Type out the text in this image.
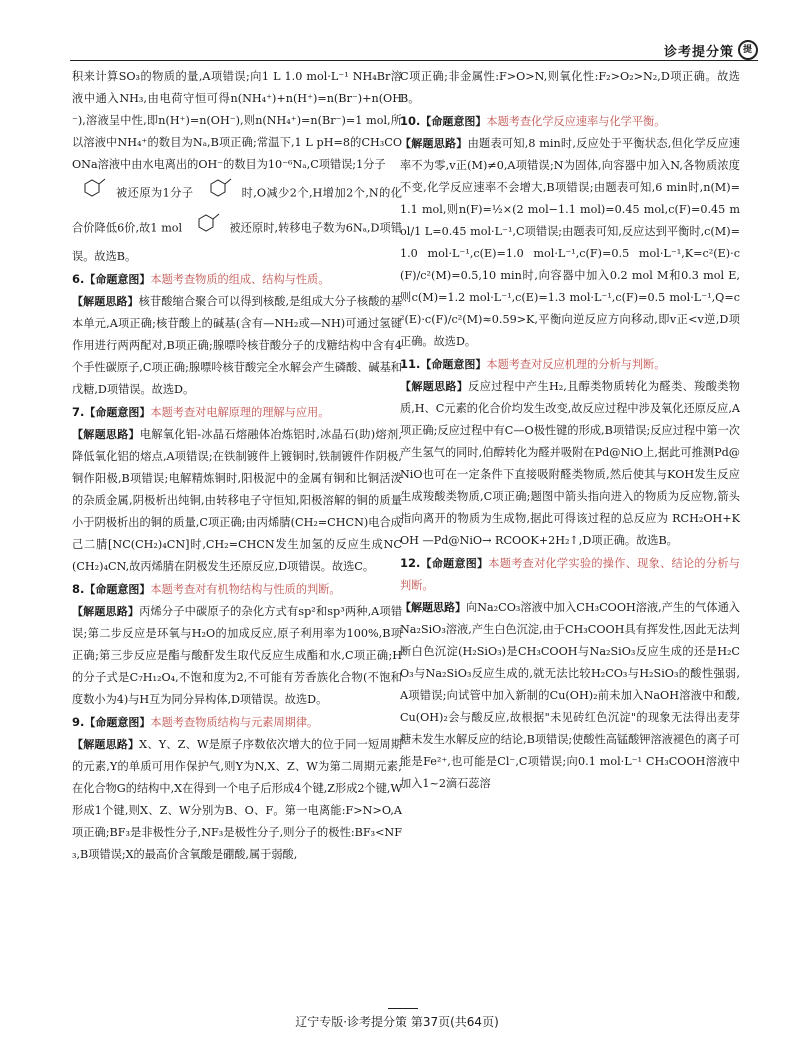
诊考提分策 提

积来计算SO₃的物质的量,A项错误;向1 L 1.0 mol·L⁻¹ NH₄Br溶液中通入NH₃,由电荷守恒可得n(NH₄⁺)+n(H⁺)=n(Br⁻)+n(OH⁻),溶液呈中性,即n(H⁺)=n(OH⁻),则n(NH₄⁺)=n(Br⁻)=1 mol,所以溶液中NH₄⁺的数目为Nₐ,B项正确;常温下,1 L pH=8的CH₃COONa溶液中由水电离出的OH⁻的数目为10⁻⁶Nₐ,C项错误;1分子

被还原为1分子	时,O减少2个,H增加2个,N的化合价降低6价,故1 mol	被还原时,转移电子数为6Nₐ,D项错误。故选B。

6.【命题意图】本题考查物质的组成、结构与性质。

【解题思路】核苷酸缩合聚合可以得到核酸,是组成大分子核酸的基本单元,A项正确;核苷酸上的碱基(含有—NH₂或—NH)可通过氢键作用进行两两配对,B项正确;腺嘌呤核苷酸分子的戊糖结构中含有4个手性碳原子,C项正确;腺嘌呤核苷酸完全水解会产生磷酸、碱基和戊糖,D项错误。故选D。

7.【命题意图】本题考查对电解原理的理解与应用。

【解题思路】电解氧化铝-冰晶石熔融体冶炼铝时,冰晶石(助)熔剂,降低氧化铝的熔点,A项错误;在铁制镀件上镀铜时,铁制镀件作阴极,铜作阳极,B项错误;电解精炼铜时,阳极泥中的金属有铜和比铜活泼的杂质金属,阴极析出纯铜,由转移电子守恒知,阳极溶解的铜的质量小于阴极析出的铜的质量,C项正确;由丙烯腈(CH₂=CHCN)电合成己二腈[NC(CH₂)₄CN]时,CH₂=CHCN发生加氢的反应生成NC(CH₂)₄CN,故丙烯腈在阴极发生还原反应,D项错误。故选C。

8.【命题意图】本题考查对有机物结构与性质的判断。

【解题思路】丙烯分子中碳原子的杂化方式有sp²和sp³两种,A项错误;第二步反应是环氧与H₂O的加成反应,原子利用率为100%,B项正确;第三步反应是酯与酸酐发生取代反应生成酯和水,C项正确;H的分子式是C₇H₁₂O₄,不饱和度为2,不可能有芳香族化合物(不饱和度数小为4)与H互为同分异构体,D项错误。故选D。

9.【命题意图】本题考查物质结构与元素周期律。

【解题思路】X、Y、Z、W是原子序数依次增大的位于同一短周期的元素,Y的单质可用作保护气,则Y为N,X、Z、W为第二周期元素;在化合物G的结构中,X在得到一个电子后形成4个键,Z形成2个键,W形成1个键,则X、Z、W分别为B、O、F。第一电离能:F>N>O,A项正确;BF₃是非极性分子,NF₃是极性分子,则分子的极性:BF₃<NF₃,B项错误;X的最高价含氧酸是硼酸,属于弱酸,

C项正确;非金属性:F>O>N,则氧化性:F₂>O₂>N₂,D项正确。故选B。

10.【命题意图】本题考查化学反应速率与化学平衡。

【解题思路】由题表可知,8 min时,反应处于平衡状态,但化学反应速率不为零,v正(M)≠0,A项错误;N为固体,向容器中加入N,各物质浓度不变,化学反应速率不会增大,B项错误;由题表可知,6 min时,n(M)=1.1 mol,则n(F)=½×(2 mol−1.1 mol)=0.45 mol,c(F)=0.45 mol/1 L=0.45 mol·L⁻¹,C项错误;由题表可知,反应达到平衡时,c(M)=1.0 mol·L⁻¹,c(E)=1.0 mol·L⁻¹,c(F)=0.5 mol·L⁻¹,K=c²(E)·c(F)/c²(M)=0.5,10 min时,向容器中加入0.2 mol M和0.3 mol E,则c(M)=1.2 mol·L⁻¹,c(E)=1.3 mol·L⁻¹,c(F)=0.5 mol·L⁻¹,Q=c²(E)·c(F)/c²(M)≈0.59>K,平衡向逆反应方向移动,即v正<v逆,D项正确。故选D。

11.【命题意图】本题考查对反应机理的分析与判断。

【解题思路】反应过程中产生H₂,且醇类物质转化为醛类、羧酸类物质,H、C元素的化合价均发生改变,故反应过程中涉及氧化还原反应,A项正确;反应过程中有C—O极性键的形成,B项错误;反应过程中第一次产生氢气的同时,伯醇转化为醛并吸附在Pd@NiO上,据此可推测Pd@NiO也可在一定条件下直接吸附醛类物质,然后使其与KOH发生反应生成羧酸类物质,C项正确;题图中箭头指向进入的物质为反应物,箭头指向离开的物质为生成物,据此可得该过程的总反应为 RCH₂OH+KOH —Pd@NiO→ RCOOK+2H₂↑,D项正确。故选B。

12.【命题意图】本题考查对化学实验的操作、现象、结论的分析与判断。

【解题思路】向Na₂CO₃溶液中加入CH₃COOH溶液,产生的气体通入Na₂SiO₃溶液,产生白色沉淀,由于CH₃COOH具有挥发性,因此无法判断白色沉淀(H₂SiO₃)是CH₃COOH与Na₂SiO₃反应生成的还是H₂CO₃与Na₂SiO₃反应生成的,就无法比较H₂CO₃与H₂SiO₃的酸性强弱,A项错误;向试管中加入新制的Cu(OH)₂前未加入NaOH溶液中和酸,Cu(OH)₂会与酸反应,故根据"未见砖红色沉淀"的现象无法得出麦芽糖未发生水解反应的结论,B项错误;使酸性高锰酸钾溶液褪色的离子可能是Fe²⁺,也可能是Cl⁻,C项错误;向0.1 mol·L⁻¹ CH₃COOH溶液中加入1~2滴石蕊溶

辽宁专版·诊考提分策 第37页(共64页)
